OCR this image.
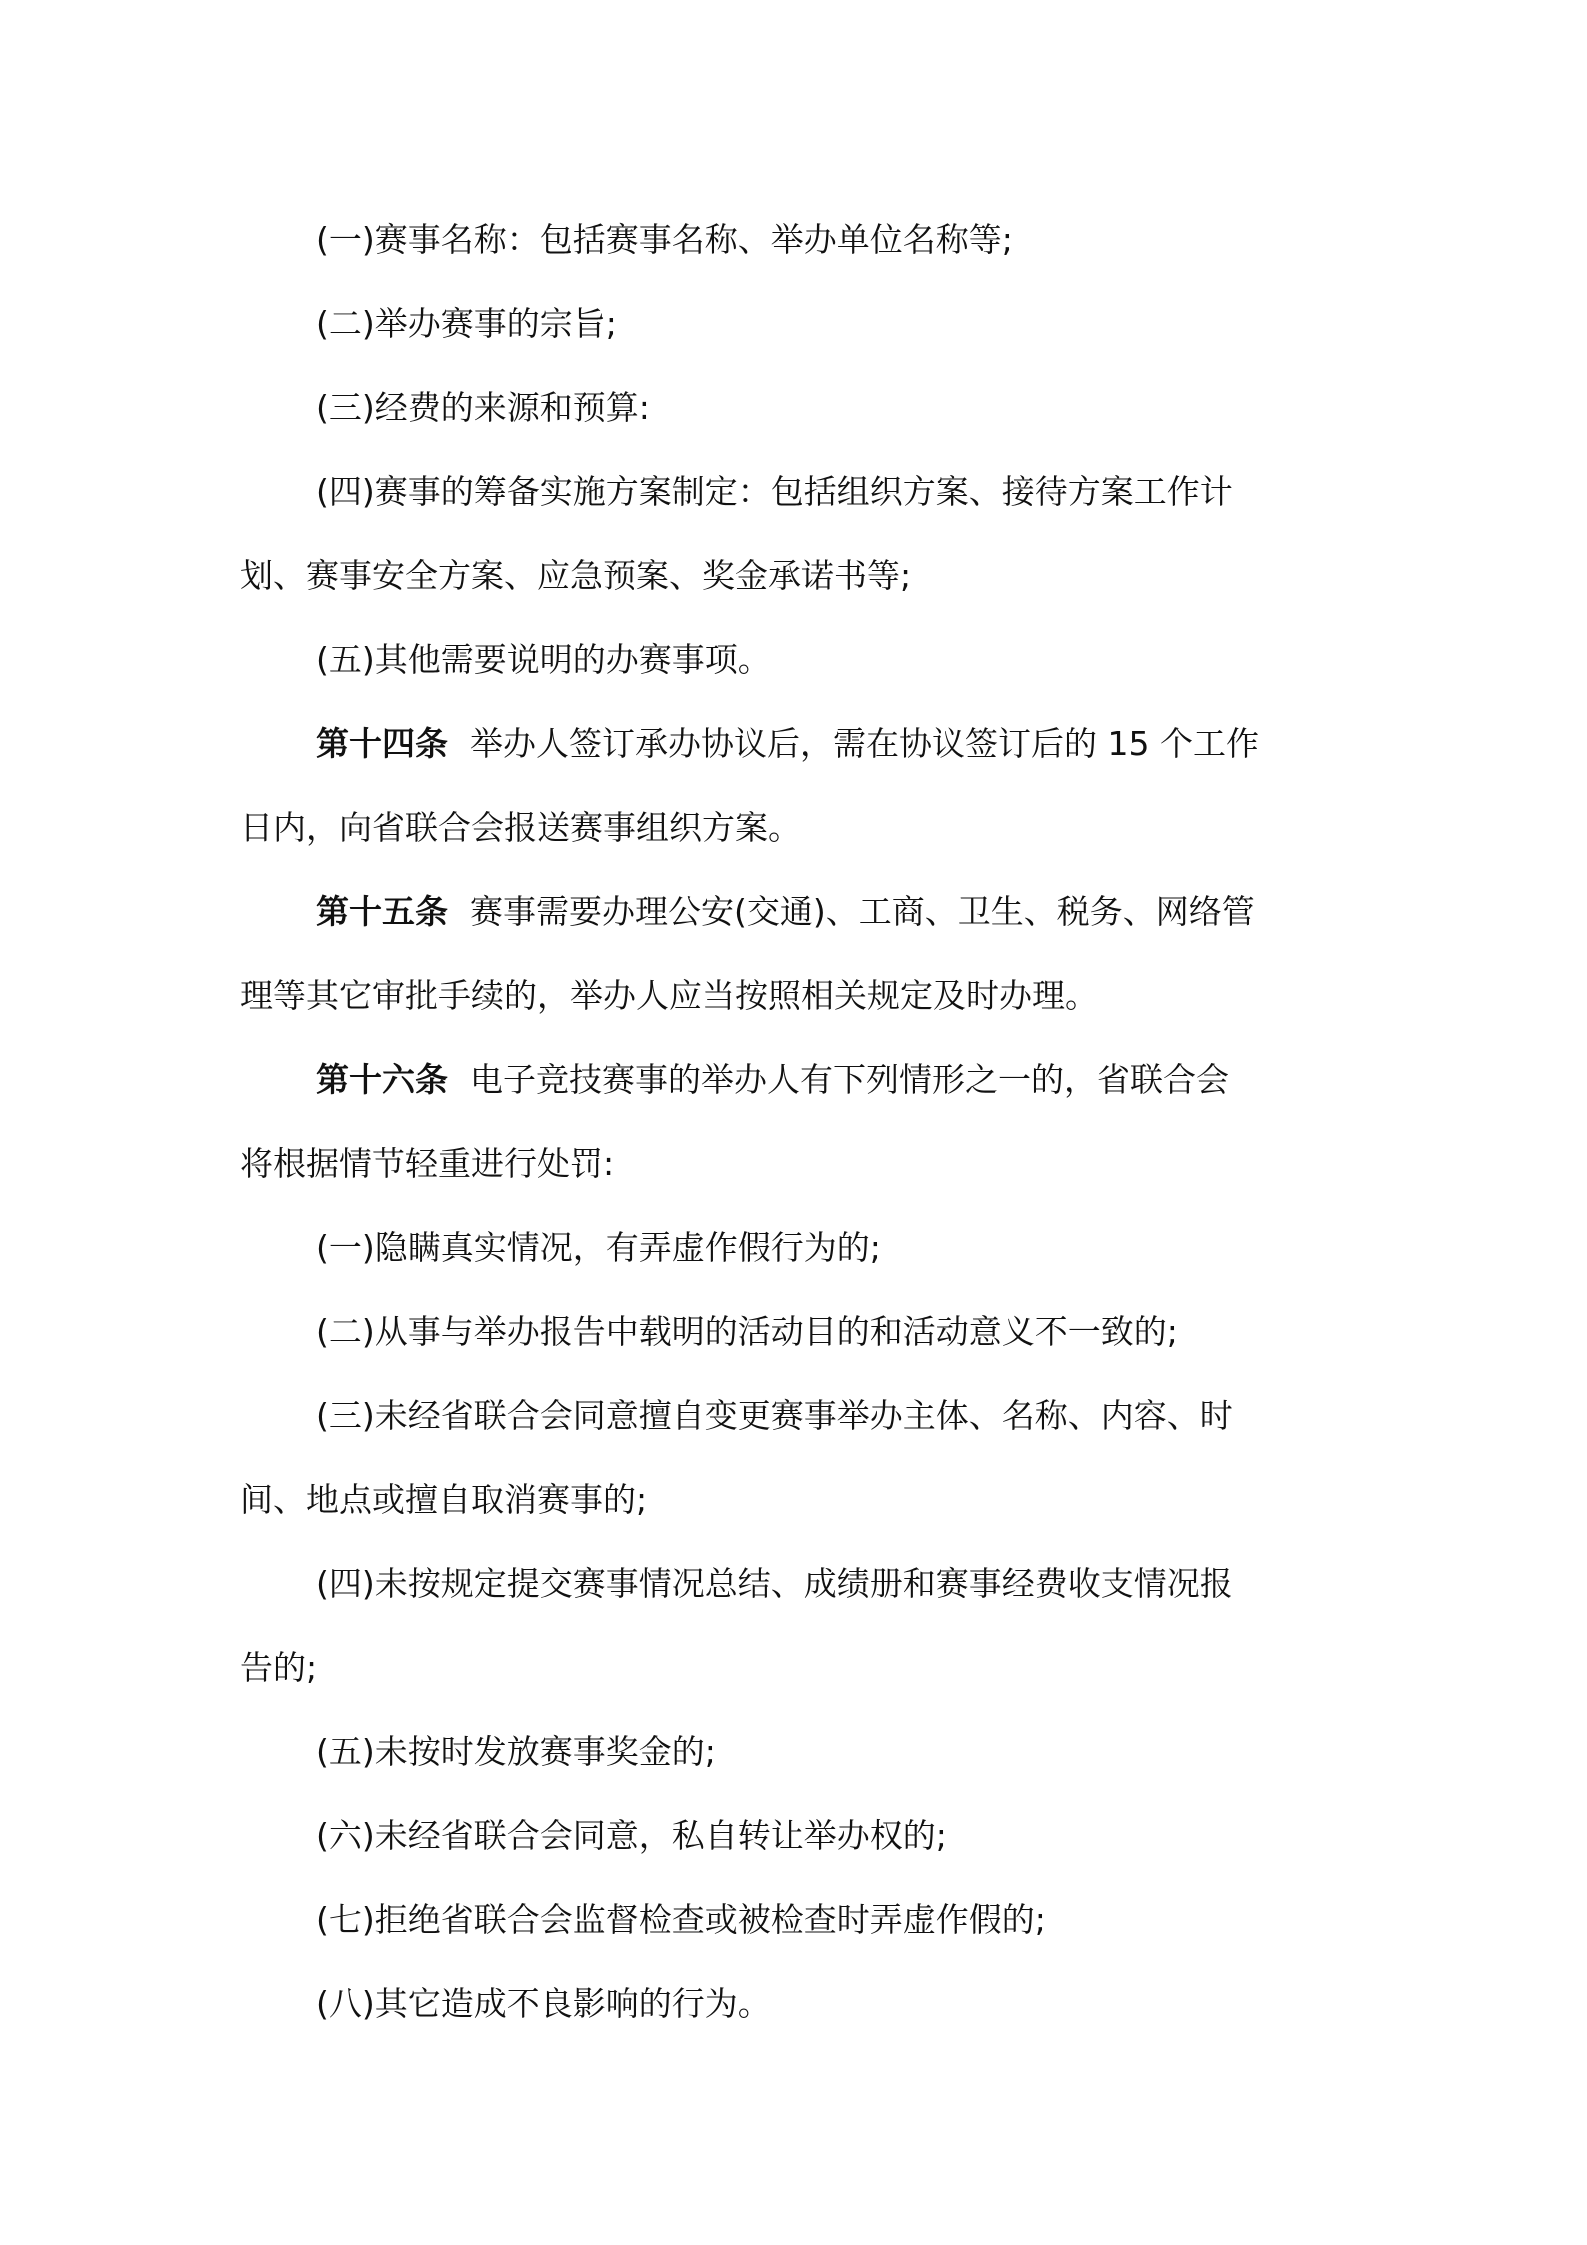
(一)赛事名称：包括赛事名称、举办单位名称等;
(二)举办赛事的宗旨;
(三)经费的来源和预算:
(四)赛事的筹备实施方案制定：包括组织方案、接待方案工作计
划、赛事安全方案、应急预案、奖金承诺书等;
(五)其他需要说明的办赛事项。
第十四条 举办人签订承办协议后，需在协议签订后的 15 个工作
日内，向省联合会报送赛事组织方案。
第十五条 赛事需要办理公安(交通)、工商、卫生、税务、网络管
理等其它审批手续的，举办人应当按照相关规定及时办理。
第十六条 电子竞技赛事的举办人有下列情形之一的，省联合会
将根据情节轻重进行处罚:
(一)隐瞒真实情况，有弄虚作假行为的;
(二)从事与举办报告中载明的活动目的和活动意义不一致的;
(三)未经省联合会同意擅自变更赛事举办主体、名称、内容、时
间、地点或擅自取消赛事的;
(四)未按规定提交赛事情况总结、成绩册和赛事经费收支情况报
告的;
(五)未按时发放赛事奖金的;
(六)未经省联合会同意，私自转让举办权的;
(七)拒绝省联合会监督检查或被检查时弄虚作假的;
(八)其它造成不良影响的行为。
